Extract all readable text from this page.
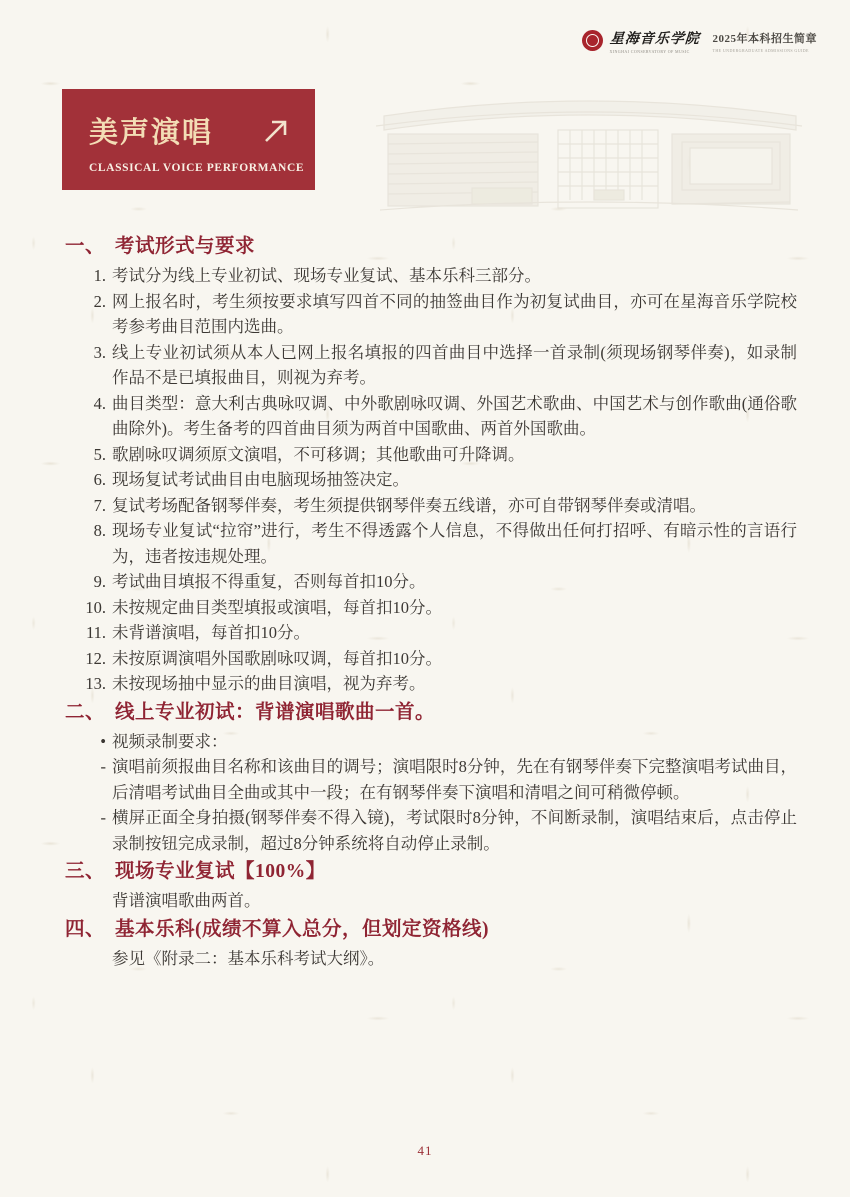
星海音乐学院
XINGHAI CONSERVATORY OF MUSIC
2025年本科招生简章
THE UNDERGRADUATE ADMISSIONS GUIDE
美声演唱
CLASSICAL VOICE PERFORMANCE
一、 考试形式与要求
1. 考试分为线上专业初试、现场专业复试、基本乐科三部分。
2. 网上报名时，考生须按要求填写四首不同的抽签曲目作为初复试曲目，亦可在星海音乐学院校考参考曲目范围内选曲。
3. 线上专业初试须从本人已网上报名填报的四首曲目中选择一首录制(须现场钢琴伴奏)，如录制作品不是已填报曲目，则视为弃考。
4. 曲目类型：意大利古典咏叹调、中外歌剧咏叹调、外国艺术歌曲、中国艺术与创作歌曲(通俗歌曲除外)。考生备考的四首曲目须为两首中国歌曲、两首外国歌曲。
5. 歌剧咏叹调须原文演唱，不可移调；其他歌曲可升降调。
6. 现场复试考试曲目由电脑现场抽签决定。
7. 复试考场配备钢琴伴奏，考生须提供钢琴伴奏五线谱，亦可自带钢琴伴奏或清唱。
8. 现场专业复试“拉帘”进行，考生不得透露个人信息，不得做出任何打招呼、有暗示性的言语行为，违者按违规处理。
9. 考试曲目填报不得重复，否则每首扣10分。
10. 未按规定曲目类型填报或演唱，每首扣10分。
11. 未背谱演唱，每首扣10分。
12. 未按原调演唱外国歌剧咏叹调，每首扣10分。
13. 未按现场抽中显示的曲目演唱，视为弃考。
二、 线上专业初试：背谱演唱歌曲一首。
• 视频录制要求：
- 演唱前须报曲目名称和该曲目的调号；演唱限时8分钟，先在有钢琴伴奏下完整演唱考试曲目，后清唱考试曲目全曲或其中一段；在有钢琴伴奏下演唱和清唱之间可稍微停顿。
- 横屏正面全身拍摄(钢琴伴奏不得入镜)，考试限时8分钟，不间断录制，演唱结束后，点击停止录制按钮完成录制，超过8分钟系统将自动停止录制。
三、 现场专业复试【100%】
背谱演唱歌曲两首。
四、 基本乐科(成绩不算入总分，但划定资格线)
参见《附录二：基本乐科考试大纲》。
41
